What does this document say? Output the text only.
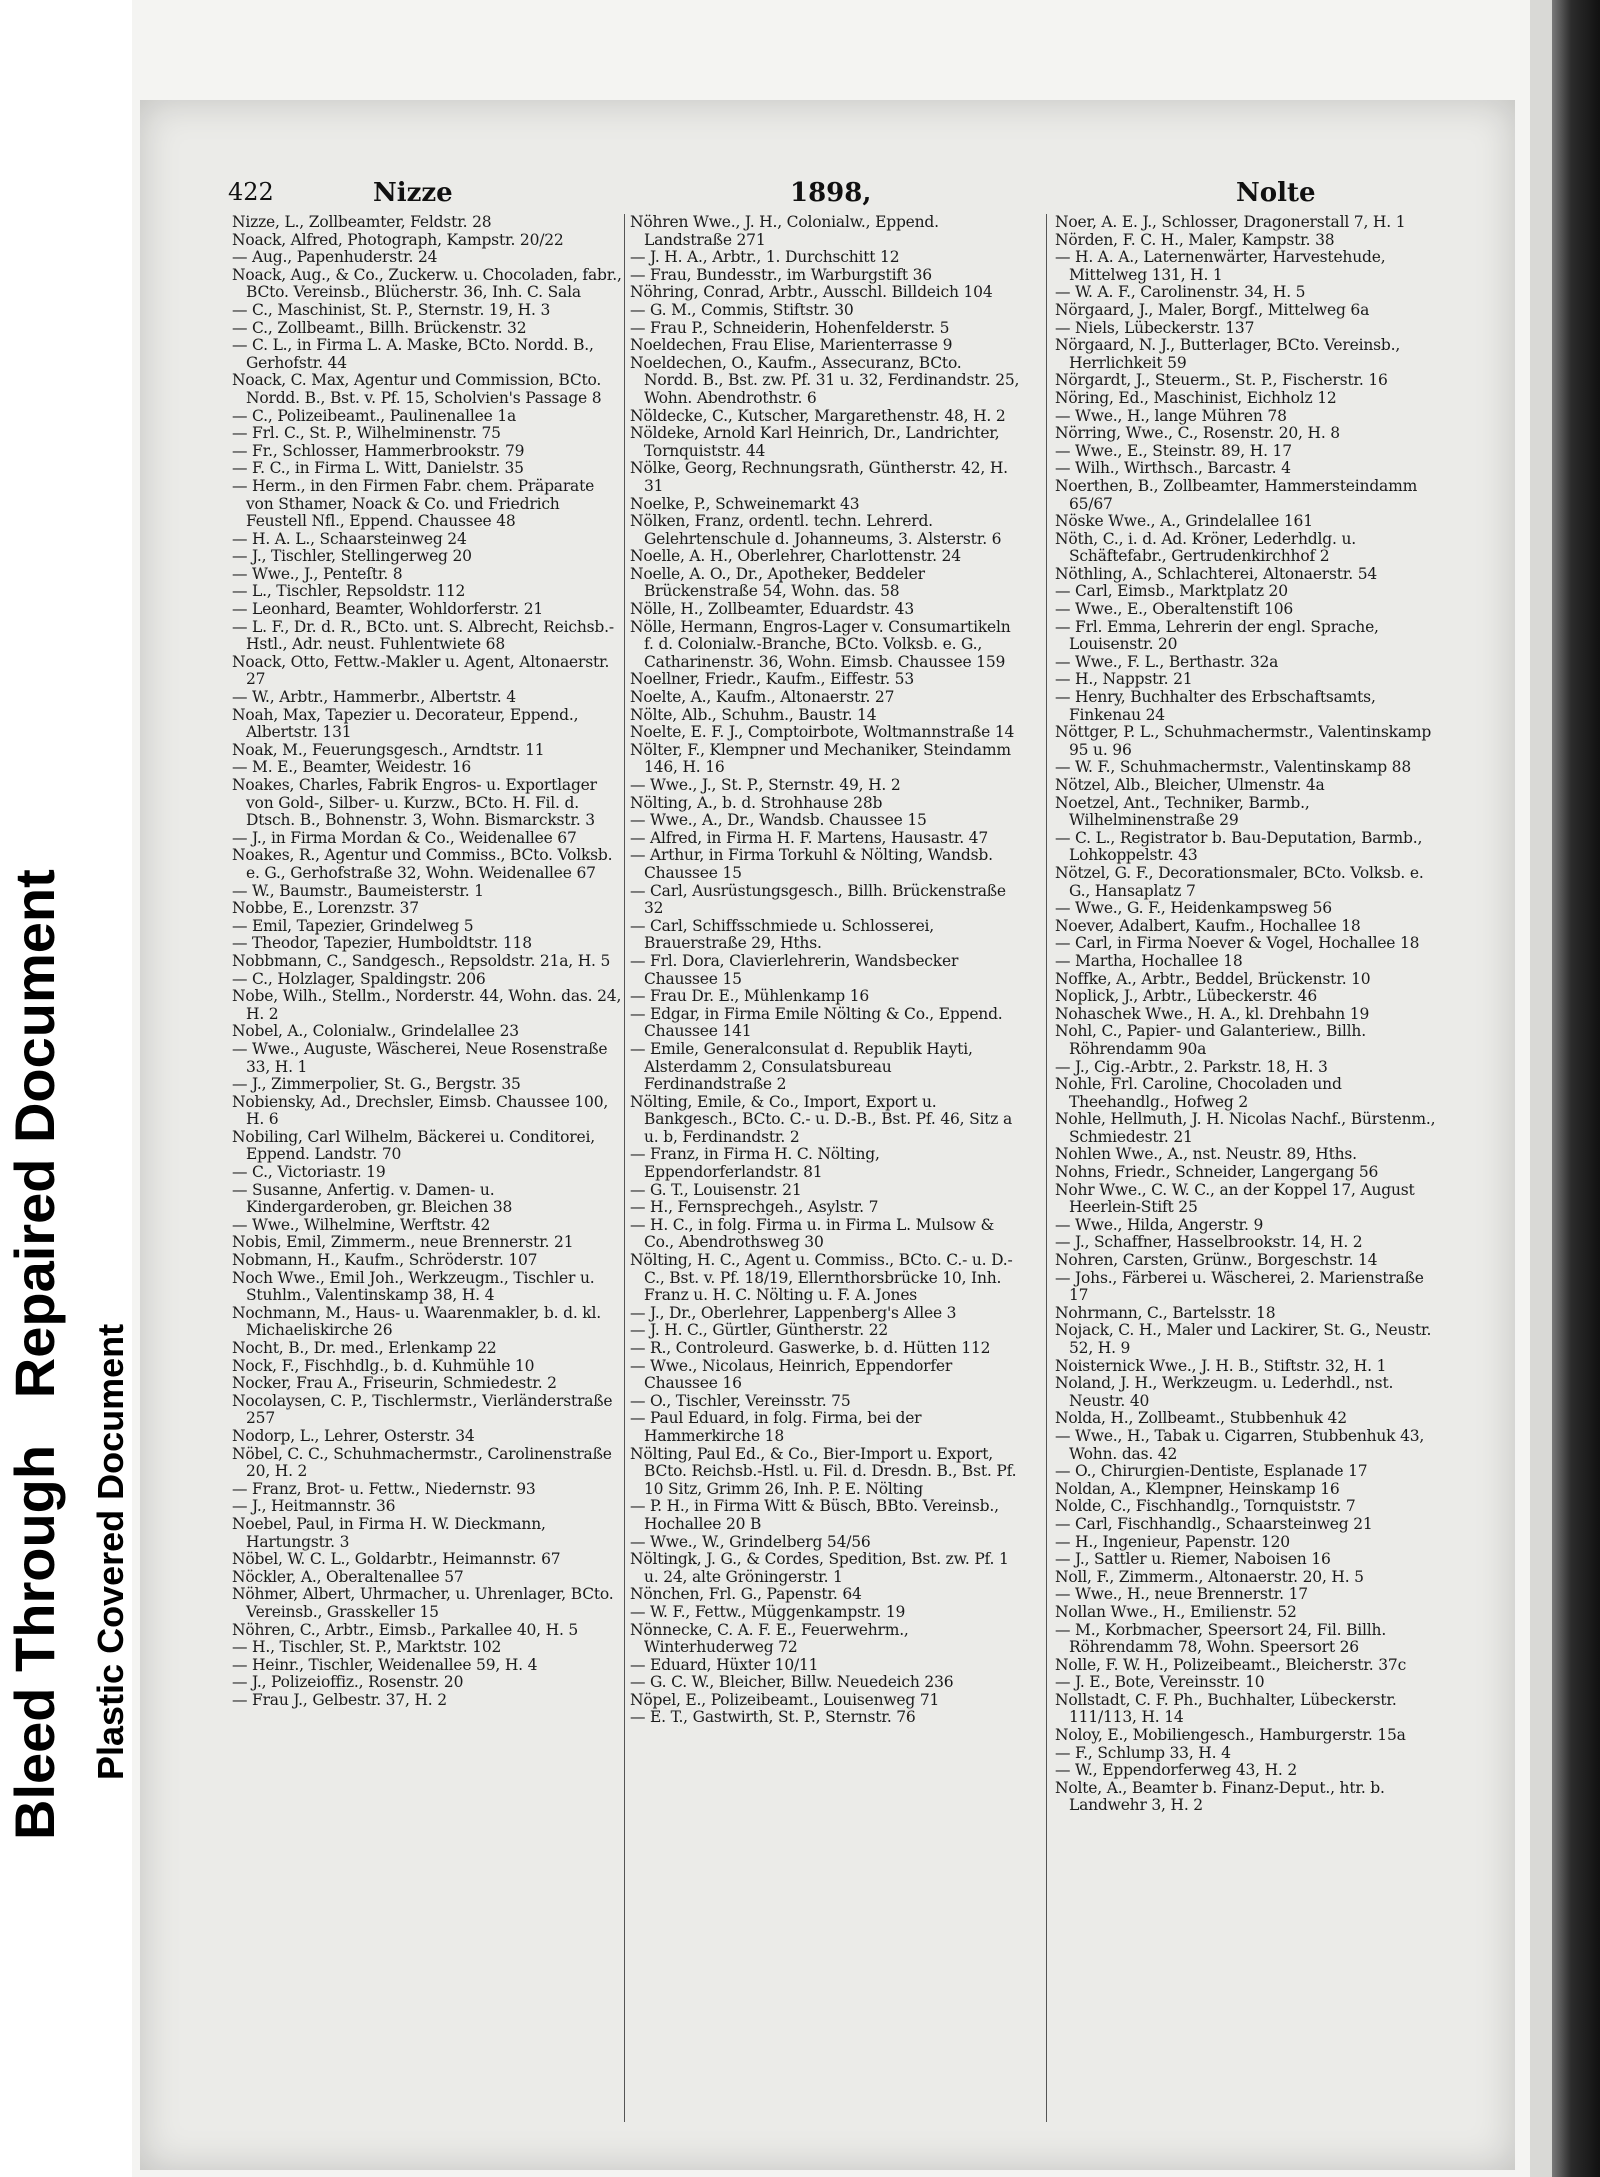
Bleed Through   Repaired Document
Plastic Covered Document
422	Nizze	1898,	Nolte

Nizze, L., Zollbeamter, Feldstr. 28

Noack, Alfred, Photograph, Kampstr. 20/22

— Aug., Papenhuderstr. 24

Noack, Aug., & Co., Zuckerw. u. Chocoladen, fabr., BCto. Vereinsb., Blücherstr. 36, Inh. C. Sala

— C., Maschinist, St. P., Sternstr. 19, H. 3

— C., Zollbeamt., Billh. Brückenstr. 32

— C. L., in Firma L. A. Maske, BCto. Nordd. B., Gerhofstr. 44

Noack, C. Max, Agentur und Commission, BCto. Nordd. B., Bst. v. Pf. 15, Scholvien's Passage 8

— C., Polizeibeamt., Paulinenallee 1a

— Frl. C., St. P., Wilhelminenstr. 75

— Fr., Schlosser, Hammerbrookstr. 79

— F. C., in Firma L. Witt, Danielstr. 35

— Herm., in den Firmen Fabr. chem. Präparate von Sthamer, Noack & Co. und Friedrich Feustell Nfl., Eppend. Chaussee 48

— H. A. L., Schaarsteinweg 24

— J., Tischler, Stellingerweg 20

— Wwe., J., Penteſtr. 8

— L., Tischler, Repsoldstr. 112

— Leonhard, Beamter, Wohldorferstr. 21

— L. F., Dr. d. R., BCto. unt. S. Albrecht, Reichsb.-Hstl., Adr. neust. Fuhlentwiete 68

Noack, Otto, Fettw.-Makler u. Agent, Altonaerstr. 27

— W., Arbtr., Hammerbr., Albertstr. 4

Noah, Max, Tapezier u. Decorateur, Eppend., Albertstr. 131

Noak, M., Feuerungsgesch., Arndtstr. 11

— M. E., Beamter, Weidestr. 16

Noakes, Charles, Fabrik Engros- u. Exportlager von Gold-, Silber- u. Kurzw., BCto. H. Fil. d. Dtsch. B., Bohnenstr. 3, Wohn. Bismarckstr. 3

— J., in Firma Mordan & Co., Weidenallee 67

Noakes, R., Agentur und Commiss., BCto. Volksb. e. G., Gerhofstraße 32, Wohn. Weidenallee 67

— W., Baumstr., Baumeisterstr. 1

Nobbe, E., Lorenzstr. 37

— Emil, Tapezier, Grindelweg 5

— Theodor, Tapezier, Humboldtstr. 118

Nobbmann, C., Sandgesch., Repsoldstr. 21a, H. 5

— C., Holzlager, Spaldingstr. 206

Nobe, Wilh., Stellm., Norderstr. 44, Wohn. das. 24, H. 2

Nobel, A., Colonialw., Grindelallee 23

— Wwe., Auguste, Wäscherei, Neue Rosenstraße 33, H. 1

— J., Zimmerpolier, St. G., Bergstr. 35

Nobiensky, Ad., Drechsler, Eimsb. Chaussee 100, H. 6

Nobiling, Carl Wilhelm, Bäckerei u. Conditorei, Eppend. Landstr. 70

— C., Victoriastr. 19

— Susanne, Anfertig. v. Damen- u. Kindergarderoben, gr. Bleichen 38

— Wwe., Wilhelmine, Werftstr. 42

Nobis, Emil, Zimmerm., neue Brennerstr. 21

Nobmann, H., Kaufm., Schröderstr. 107

Noch Wwe., Emil Joh., Werkzeugm., Tischler u. Stuhlm., Valentinskamp 38, H. 4

Nochmann, M., Haus- u. Waarenmakler, b. d. kl. Michaeliskirche 26

Nocht, B., Dr. med., Erlenkamp 22

Nock, F., Fischhdlg., b. d. Kuhmühle 10

Nocker, Frau A., Friseurin, Schmiedestr. 2

Nocolaysen, C. P., Tischlermstr., Vierländerstraße 257

Nodorp, L., Lehrer, Osterstr. 34

Nöbel, C. C., Schuhmachermstr., Carolinenstraße 20, H. 2

— Franz, Brot- u. Fettw., Niedernstr. 93

— J., Heitmannstr. 36

Noebel, Paul, in Firma H. W. Dieckmann, Hartungstr. 3

Nöbel, W. C. L., Goldarbtr., Heimannstr. 67

Nöckler, A., Oberaltenallee 57

Nöhmer, Albert, Uhrmacher, u. Uhrenlager, BCto. Vereinsb., Grasskeller 15

Nöhren, C., Arbtr., Eimsb., Parkallee 40, H. 5

— H., Tischler, St. P., Marktstr. 102

— Heinr., Tischler, Weidenallee 59, H. 4

— J., Polizeioffiz., Rosenstr. 20

— Frau J., Gelbestr. 37, H. 2

Nöhren Wwe., J. H., Colonialw., Eppend. Landstraße 271

— J. H. A., Arbtr., 1. Durchschitt 12

— Frau, Bundesstr., im Warburgstift 36

Nöhring, Conrad, Arbtr., Ausschl. Billdeich 104

— G. M., Commis, Stiftstr. 30

— Frau P., Schneiderin, Hohenfelderstr. 5

Noeldechen, Frau Elise, Marienterrasse 9

Noeldechen, O., Kaufm., Assecuranz, BCto. Nordd. B., Bst. zw. Pf. 31 u. 32, Ferdinandstr. 25, Wohn. Abendrothstr. 6

Nöldecke, C., Kutscher, Margarethenstr. 48, H. 2

Nöldeke, Arnold Karl Heinrich, Dr., Landrichter, Tornquiststr. 44

Nölke, Georg, Rechnungsrath, Güntherstr. 42, H. 31

Noelke, P., Schweinemarkt 43

Nölken, Franz, ordentl. techn. Lehrerd. Gelehrtenschule d. Johanneums, 3. Alsterstr. 6

Noelle, A. H., Oberlehrer, Charlottenstr. 24

Noelle, A. O., Dr., Apotheker, Beddeler Brückenstraße 54, Wohn. das. 58

Nölle, H., Zollbeamter, Eduardstr. 43

Nölle, Hermann, Engros-Lager v. Consumartikeln f. d. Colonialw.-Branche, BCto. Volksb. e. G., Catharinenstr. 36, Wohn. Eimsb. Chaussee 159

Noellner, Friedr., Kaufm., Eiffestr. 53

Noelte, A., Kaufm., Altonaerstr. 27

Nölte, Alb., Schuhm., Baustr. 14

Noelte, E. F. J., Comptoirbote, Woltmannstraße 14

Nölter, F., Klempner und Mechaniker, Steindamm 146, H. 16

— Wwe., J., St. P., Sternstr. 49, H. 2

Nölting, A., b. d. Strohhause 28b

— Wwe., A., Dr., Wandsb. Chaussee 15

— Alfred, in Firma H. F. Martens, Hausastr. 47

— Arthur, in Firma Torkuhl & Nölting, Wandsb. Chaussee 15

— Carl, Ausrüstungsgesch., Billh. Brückenstraße 32

— Carl, Schiffsschmiede u. Schlosserei, Brauerstraße 29, Hths.

— Frl. Dora, Clavierlehrerin, Wandsbecker Chaussee 15

— Frau Dr. E., Mühlenkamp 16

— Edgar, in Firma Emile Nölting & Co., Eppend. Chaussee 141

— Emile, Generalconsulat d. Republik Hayti, Alsterdamm 2, Consulatsbureau Ferdinandstraße 2

Nölting, Emile, & Co., Import, Export u. Bankgesch., BCto. C.- u. D.-B., Bst. Pf. 46, Sitz a u. b, Ferdinandstr. 2

— Franz, in Firma H. C. Nölting, Eppendorferlandstr. 81

— G. T., Louisenstr. 21

— H., Fernsprechgeh., Asylstr. 7

— H. C., in folg. Firma u. in Firma L. Mulsow & Co., Abendrothsweg 30

Nölting, H. C., Agent u. Commiss., BCto. C.- u. D.-C., Bst. v. Pf. 18/19, Ellernthorsbrücke 10, Inh. Franz u. H. C. Nölting u. F. A. Jones

— J., Dr., Oberlehrer, Lappenberg's Allee 3

— J. H. C., Gürtler, Güntherstr. 22

— R., Controleurd. Gaswerke, b. d. Hütten 112

— Wwe., Nicolaus, Heinrich, Eppendorfer Chaussee 16

— O., Tischler, Vereinsstr. 75

— Paul Eduard, in folg. Firma, bei der Hammerkirche 18

Nölting, Paul Ed., & Co., Bier-Import u. Export, BCto. Reichsb.-Hstl. u. Fil. d. Dresdn. B., Bst. Pf. 10 Sitz, Grimm 26, Inh. P. E. Nölting

— P. H., in Firma Witt & Büsch, BBto. Vereinsb., Hochallee 20 B

— Wwe., W., Grindelberg 54/56

Nöltingk, J. G., & Cordes, Spedition, Bst. zw. Pf. 1 u. 24, alte Gröningerstr. 1

Nönchen, Frl. G., Papenstr. 64

— W. F., Fettw., Müggenkampstr. 19

Nönnecke, C. A. F. E., Feuerwehrm., Winterhuderweg 72

— Eduard, Hüxter 10/11

— G. C. W., Bleicher, Billw. Neuedeich 236

Nöpel, E., Polizeibeamt., Louisenweg 71

— E. T., Gastwirth, St. P., Sternstr. 76

Noer, A. E. J., Schlosser, Dragonerstall 7, H. 1

Nörden, F. C. H., Maler, Kampstr. 38

— H. A. A., Laternenwärter, Harvestehude, Mittelweg 131, H. 1

— W. A. F., Carolinenstr. 34, H. 5

Nörgaard, J., Maler, Borgf., Mittelweg 6a

— Niels, Lübeckerstr. 137

Nörgaard, N. J., Butterlager, BCto. Vereinsb., Herrlichkeit 59

Nörgardt, J., Steuerm., St. P., Fischerstr. 16

Nöring, Ed., Maschinist, Eichholz 12

— Wwe., H., lange Mühren 78

Nörring, Wwe., C., Rosenstr. 20, H. 8

— Wwe., E., Steinstr. 89, H. 17

— Wilh., Wirthsch., Barcastr. 4

Noerthen, B., Zollbeamter, Hammersteindamm 65/67

Nöske Wwe., A., Grindelallee 161

Nöth, C., i. d. Ad. Kröner, Lederhdlg. u. Schäftefabr., Gertrudenkirchhof 2

Nöthling, A., Schlachterei, Altonaerstr. 54

— Carl, Eimsb., Marktplatz 20

— Wwe., E., Oberaltenstift 106

— Frl. Emma, Lehrerin der engl. Sprache, Louisenstr. 20

— Wwe., F. L., Berthastr. 32a

— H., Nappstr. 21

— Henry, Buchhalter des Erbschaftsamts, Finkenau 24

Nöttger, P. L., Schuhmachermstr., Valentinskamp 95 u. 96

— W. F., Schuhmachermstr., Valentinskamp 88

Nötzel, Alb., Bleicher, Ulmenstr. 4a

Noetzel, Ant., Techniker, Barmb., Wilhelminenstraße 29

— C. L., Registrator b. Bau-Deputation, Barmb., Lohkoppelstr. 43

Nötzel, G. F., Decorationsmaler, BCto. Volksb. e. G., Hansaplatz 7

— Wwe., G. F., Heidenkampsweg 56

Noever, Adalbert, Kaufm., Hochallee 18

— Carl, in Firma Noever & Vogel, Hochallee 18

— Martha, Hochallee 18

Noffke, A., Arbtr., Beddel, Brückenstr. 10

Noplick, J., Arbtr., Lübeckerstr. 46

Nohaschek Wwe., H. A., kl. Drehbahn 19

Nohl, C., Papier- und Galanteriew., Billh. Röhrendamm 90a

— J., Cig.-Arbtr., 2. Parkstr. 18, H. 3

Nohle, Frl. Caroline, Chocoladen und Theehandlg., Hofweg 2

Nohle, Hellmuth, J. H. Nicolas Nachf., Bürstenm., Schmiedestr. 21

Nohlen Wwe., A., nst. Neustr. 89, Hths.

Nohns, Friedr., Schneider, Langergang 56

Nohr Wwe., C. W. C., an der Koppel 17, August Heerlein-Stift 25

— Wwe., Hilda, Angerstr. 9

— J., Schaffner, Hasselbrookstr. 14, H. 2

Nohren, Carsten, Grünw., Borgeschstr. 14

— Johs., Färberei u. Wäscherei, 2. Marienstraße 17

Nohrmann, C., Bartelsstr. 18

Nojack, C. H., Maler und Lackirer, St. G., Neustr. 52, H. 9

Noisternick Wwe., J. H. B., Stiftstr. 32, H. 1

Noland, J. H., Werkzeugm. u. Lederhdl., nst. Neustr. 40

Nolda, H., Zollbeamt., Stubbenhuk 42

— Wwe., H., Tabak u. Cigarren, Stubbenhuk 43, Wohn. das. 42

— O., Chirurgien-Dentiste, Esplanade 17

Noldan, A., Klempner, Heinskamp 16

Nolde, C., Fischhandlg., Tornquiststr. 7

— Carl, Fischhandlg., Schaarsteinweg 21

— H., Ingenieur, Papenstr. 120

— J., Sattler u. Riemer, Naboisen 16

Noll, F., Zimmerm., Altonaerstr. 20, H. 5

— Wwe., H., neue Brennerstr. 17

Nollan Wwe., H., Emilienstr. 52

— M., Korbmacher, Speersort 24, Fil. Billh. Röhrendamm 78, Wohn. Speersort 26

Nolle, F. W. H., Polizeibeamt., Bleicherstr. 37c

— J. E., Bote, Vereinsstr. 10

Nollstadt, C. F. Ph., Buchhalter, Lübeckerstr. 111/113, H. 14

Noloy, E., Mobiliengesch., Hamburgerstr. 15a

— F., Schlump 33, H. 4

— W., Eppendorferweg 43, H. 2

Nolte, A., Beamter b. Finanz-Deput., htr. b. Landwehr 3, H. 2
